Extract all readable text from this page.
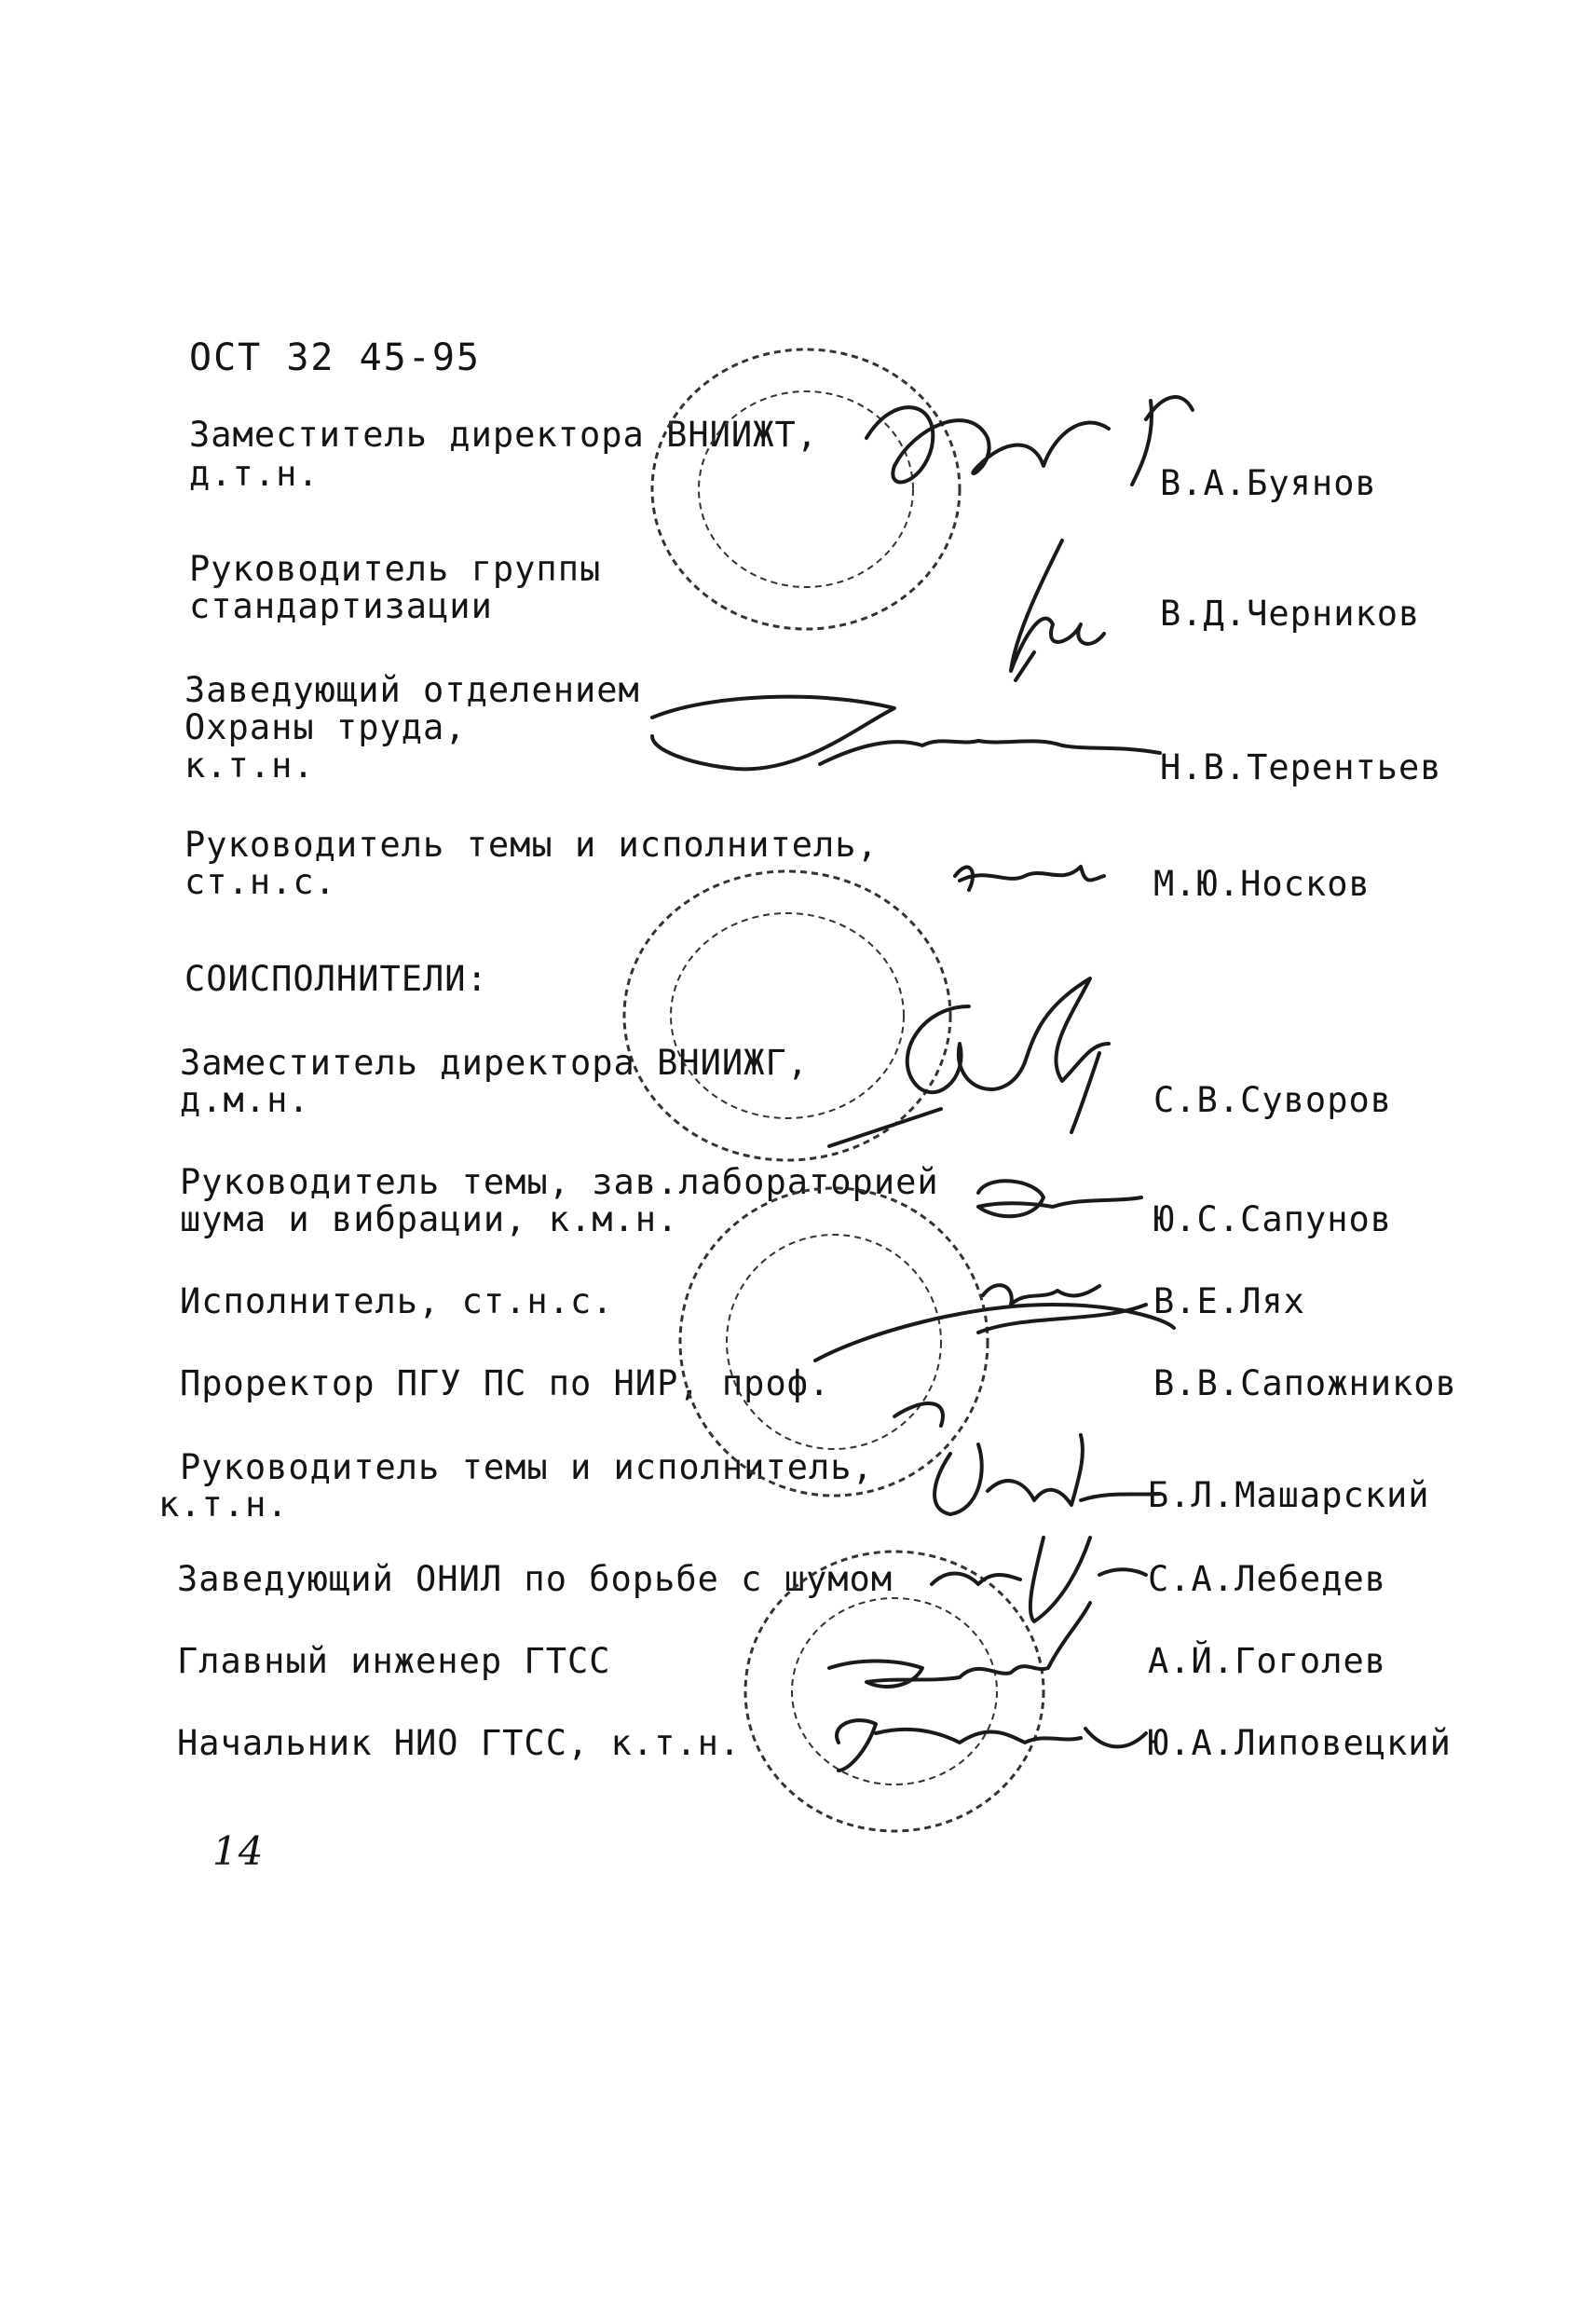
ОСТ 32 45-95
Заместитель директора ВНИИЖТ,
д.т.н.	В.А.Буянов
Руководитель группы
стандартизации	В.Д.Черников
Заведующий отделением
Охраны труда,
к.т.н.	Н.В.Терентьев
Руководитель темы и исполнитель,
ст.н.с.	М.Ю.Носков
СОИСПОЛНИТЕЛИ:
Заместитель директора ВНИИЖГ,
д.м.н.	С.В.Суворов
Руководитель темы, зав.лабораторией
шума и вибрации, к.м.н.	Ю.С.Сапунов
Исполнитель, ст.н.с.	В.Е.Лях
Проректор ПГУ ПС по НИР, проф.	В.В.Сапожников
Руководитель темы и исполнитель,
к.т.н.	Б.Л.Машарский
Заведующий ОНИЛ по борьбе с шумом	С.А.Лебедев
Главный инженер ГТСС	А.Й.Гоголев
Начальник НИО ГТСС, к.т.н.	Ю.А.Липовецкий
14
